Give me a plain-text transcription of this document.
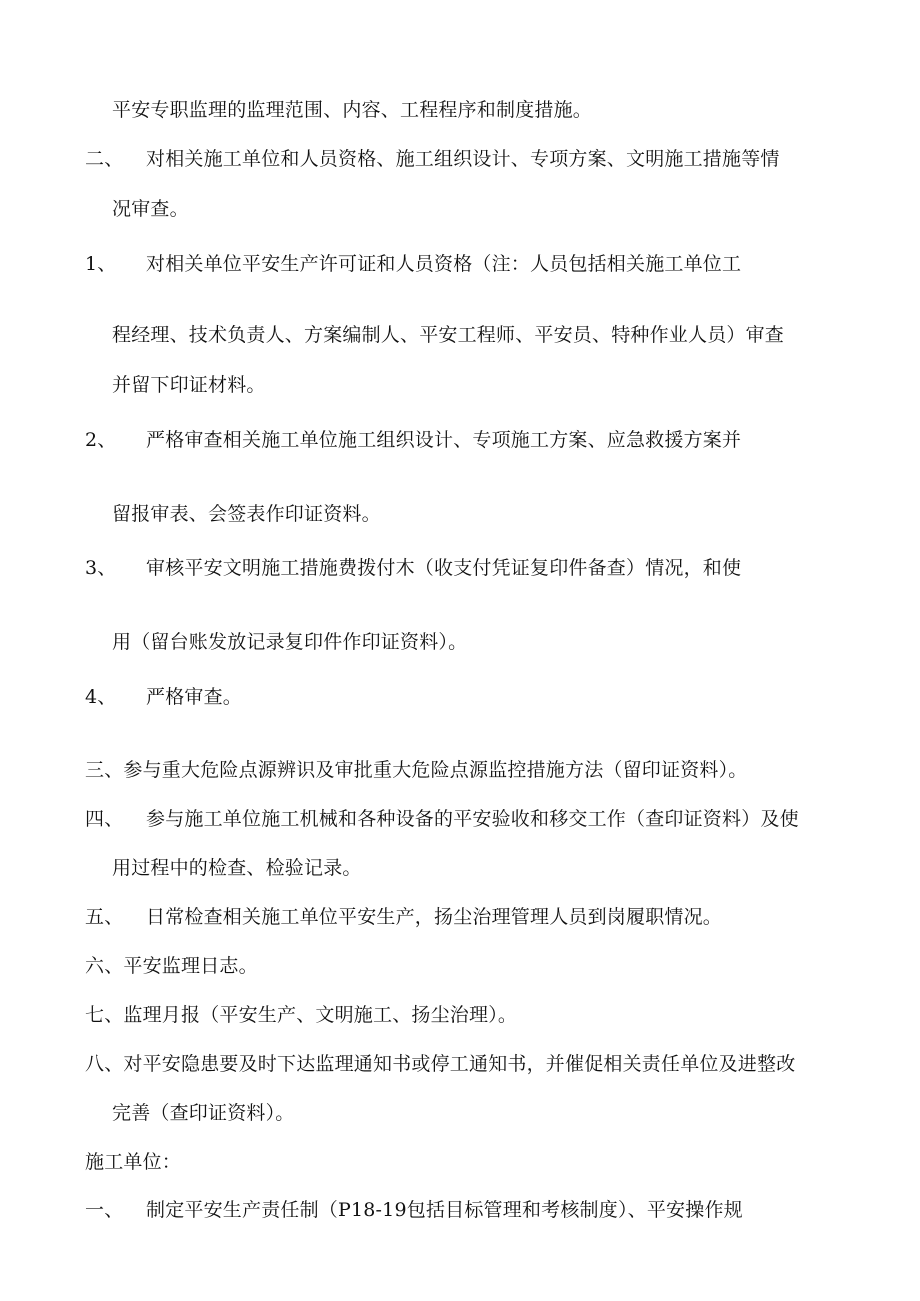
平安专职监理的监理范围、内容、工程程序和制度措施。
二、 对相关施工单位和人员资格、施工组织设计、专项方案、文明施工措施等情
况审查。
1、 对相关单位平安生产许可证和人员资格（注：人员包括相关施工单位工
程经理、技术负责人、方案编制人、平安工程师、平安员、特种作业人员）审查
并留下印证材料。
2、 严格审查相关施工单位施工组织设计、专项施工方案、应急救援方案并
留报审表、会签表作印证资料。
3、 审核平安文明施工措施费拨付木（收支付凭证复印件备查）情况，和使
用（留台账发放记录复印件作印证资料）。
4、 严格审查。
三、参与重大危险点源辨识及审批重大危险点源监控措施方法（留印证资料）。
四、 参与施工单位施工机械和各种设备的平安验收和移交工作（查印证资料）及使
用过程中的检查、检验记录。
五、 日常检查相关施工单位平安生产，扬尘治理管理人员到岗履职情况。
六、平安监理日志。
七、监理月报（平安生产、文明施工、扬尘治理）。
八、对平安隐患要及时下达监理通知书或停工通知书，并催促相关责任单位及进整改
完善（查印证资料）。
施工单位：
一、 制定平安生产责任制（P18-19包括目标管理和考核制度）、平安操作规
